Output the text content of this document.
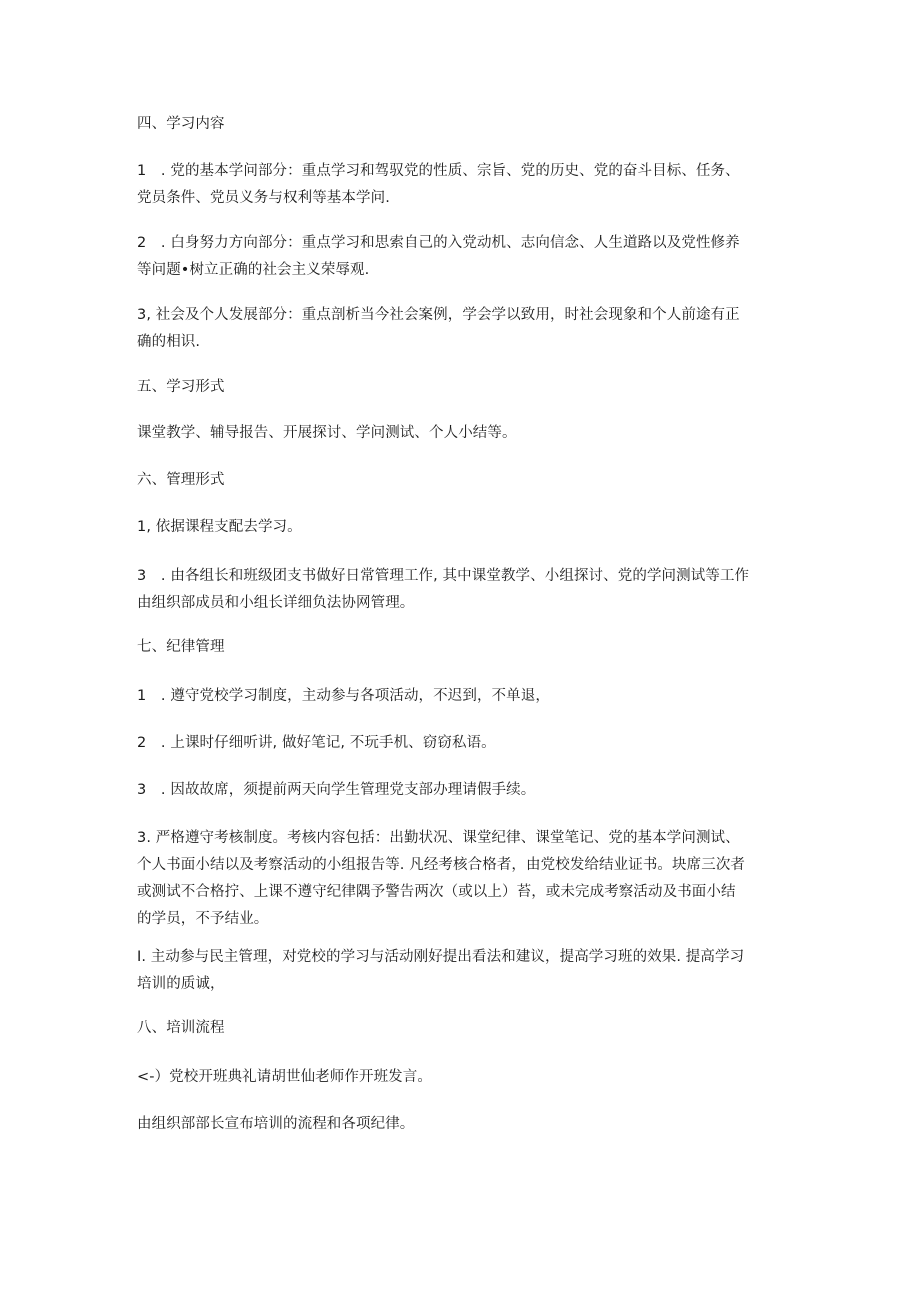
四、学习内容
1　. 党的基本学问部分：重点学习和驾驭党的性质、宗旨、党的历史、党的奋斗目标、任务、
党员条件、党员义务与权利等基本学问.
2　. 白身努力方向部分：重点学习和思索自己的入党动机、志向信念、人生道路以及党性修养
等问题•树立正确的社会主义荣辱观.
3, 社会及个人发展部分：重点剖析当今社会案例，学会学以致用，时社会现象和个人前途有正
确的相识.
五、学习形式
课堂教学、辅导报告、开展探讨、学问测试、个人小结等。
六、管理形式
1, 依据课程支配去学习。
3　. 由各组长和班级团支书做好日常管理工作, 其中课堂教学、小组探讨、党的学问测试等工作
由组织部成员和小组长详细负法协网管理。
七、纪律管理
1　. 遵守党校学习制度，主动参与各项活动，不迟到，不单退，
2　. 上课时仔细听讲, 做好笔记, 不玩手机、窃窃私语。
3　. 因故故席，须提前两天向学生管理党支部办理请假手续。
3. 严格遵守考核制度。考核内容包括：出勤状况、课堂纪律、课堂笔记、党的基本学问测试、
个人书面小结以及考察活动的小组报告等. 凡经考核合格者，由党校发给结业证书。块席三次者
或测试不合格拧、上课不遵守纪律隅予警告两次（或以上）苔，或未完成考察活动及书面小结
的学员，不予结业。
I. 主动参与民主管理，对党校的学习与活动刚好提出看法和建议，提高学习班的效果. 提高学习
培训的质诚，
八、培训流程
<-）党校开班典礼请胡世仙老师作开班发言。
由组织部部长宣布培训的流程和各项纪律。
